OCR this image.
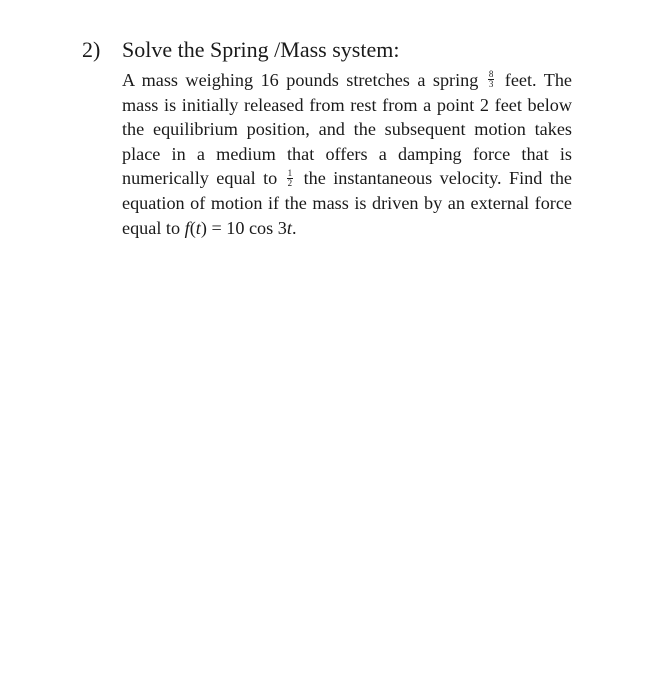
2) Solve the Spring /Mass system:
A mass weighing 16 pounds stretches a spring $\frac{8}{3}$ feet. The mass is initially released from rest from a point 2 feet below the equilibrium position, and the subsequent motion takes place in a medium that offers a damping force that is numerically equal to $\frac{1}{2}$ the instantaneous velocity. Find the equation of motion if the mass is driven by an external force equal to f(t) = 10 cos 3t.
